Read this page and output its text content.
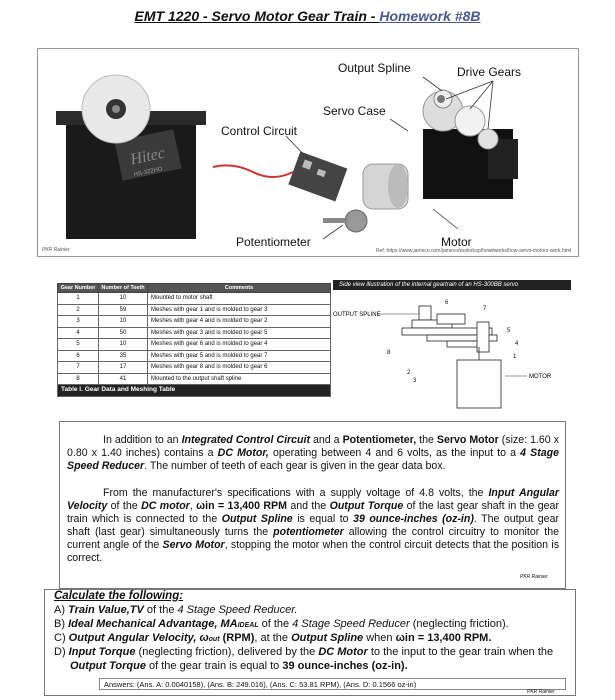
EMT 1220 - Servo Motor Gear Train - Homework #8B
Hitec
HS-322HD
Output Spline	Drive Gears
Servo Case
Control Circuit
Potentiometer	Motor
PKR Rainier	Ref: https://www.jameco.com/jameco/workshop/howitworks/how-servo-motors-work.html
Gear Number	Number of Teeth	Comments
1	10	Mounted to motor shaft
2	59	Meshes with gear 1 and is molded to gear 3
3	10	Meshes with gear 4 and is molded to gear 2
4	50	Meshes with gear 3 and is molded to gear 5
5	10	Meshes with gear 6 and is molded to gear 4
6	35	Meshes with gear 5 and is molded to gear 7
7	17	Meshes with gear 8 and is molded to gear 6
8	41	Mounted to the output shaft spline
Table I. Gear Data and Meshing Table		
Side view illustration of the internal geartrain of an HS-300BB servo
OUTPUT SPLINE
MOTOR
1
2
3
4
5
6
7
8

In addition to an Integrated Control Circuit and a Potentiometer, the Servo Motor (size: 1.60 x 0.80 x 1.40 inches) contains a DC Motor, operating between 4 and 6 volts, as the input to a 4 Stage Speed Reducer. The number of teeth of each gear is given in the gear data box.

From the manufacturer's specifications with a supply voltage of 4.8 volts, the Input Angular Velocity of the DC motor, ωin = 13,400 RPM and the Output Torque of the last gear shaft in the gear train which is connected to the Output Spline is equal to 39 ounce-inches (oz-in). The output gear shaft (last gear) simultaneously turns the potentiometer allowing the control circuitry to monitor the current angle of the Servo Motor, stopping the motor when the control circuit detects that the position is correct.

PKR Rainier
Calculate the following:
A) Train Value,TV of the 4 Stage Speed Reducer.
B) Ideal Mechanical Advantage, MAIDEAL of the 4 Stage Speed Reducer (neglecting friction).
C) Output Angular Velocity, ωout (RPM), at the Output Spline when ωin = 13,400 RPM.
D) Input Torque (neglecting friction), delivered by the DC Motor to the input to the gear train when the Output Torque of the gear train is equal to 39 ounce-inches (oz-in).
Answers: (Ans. A: 0.0040158), (Ans. B: 249.016), (Ans. C: 53.81 RPM), (Ans. D: 0.1566 oz-in)
PKR Rainier
